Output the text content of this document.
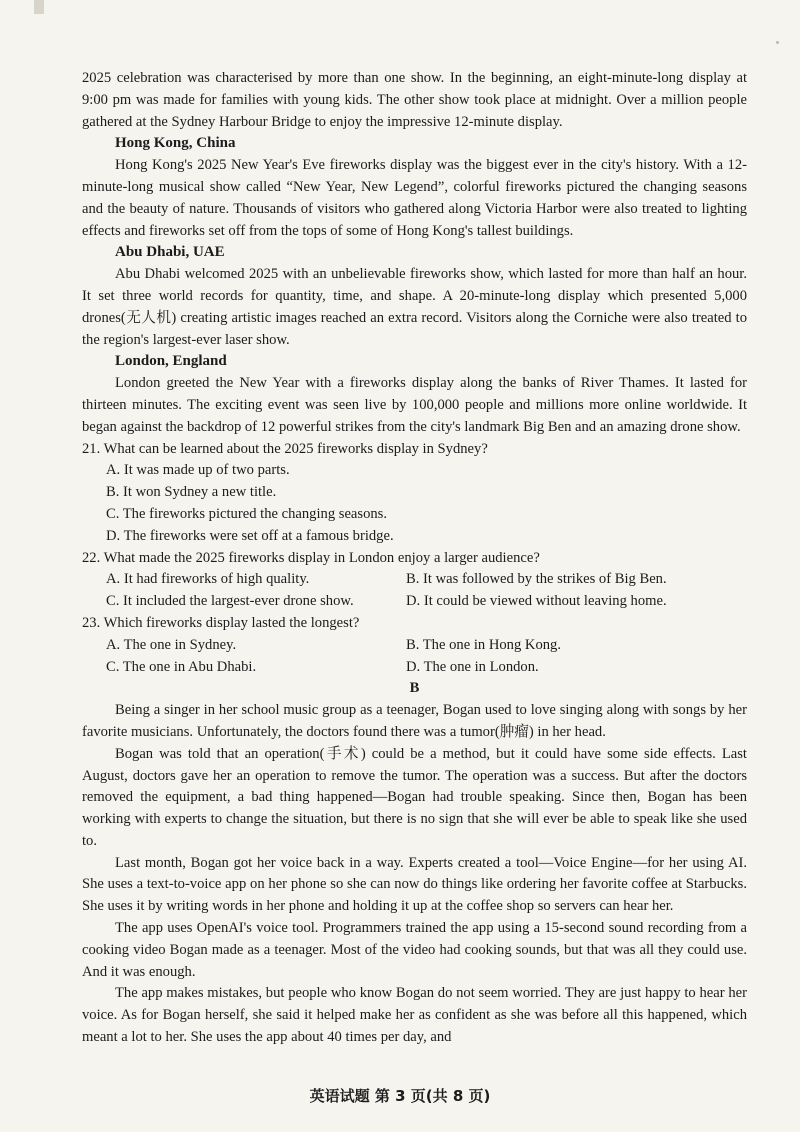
2025 celebration was characterised by more than one show. In the beginning, an eight-minute-long display at 9:00 pm was made for families with young kids. The other show took place at midnight. Over a million people gathered at the Sydney Harbour Bridge to enjoy the impressive 12-minute display.

Hong Kong, China

Hong Kong's 2025 New Year's Eve fireworks display was the biggest ever in the city's history. With a 12-minute-long musical show called “New Year, New Legend”, colorful fireworks pictured the changing seasons and the beauty of nature. Thousands of visitors who gathered along Victoria Harbor were also treated to lighting effects and fireworks set off from the tops of some of Hong Kong's tallest buildings.

Abu Dhabi, UAE

Abu Dhabi welcomed 2025 with an unbelievable fireworks show, which lasted for more than half an hour. It set three world records for quantity, time, and shape. A 20-minute-long display which presented 5,000 drones(无人机) creating artistic images reached an extra record. Visitors along the Corniche were also treated to the region's largest-ever laser show.

London, England

London greeted the New Year with a fireworks display along the banks of River Thames. It lasted for thirteen minutes. The exciting event was seen live by 100,000 people and millions more online worldwide. It began against the backdrop of 12 powerful strikes from the city's landmark Big Ben and an amazing drone show.

21. What can be learned about the 2025 fireworks display in Sydney?

A. It was made up of two parts.

B. It won Sydney a new title.

C. The fireworks pictured the changing seasons.

D. The fireworks were set off at a famous bridge.

22. What made the 2025 fireworks display in London enjoy a larger audience?

A. It had fireworks of high quality.	B. It was followed by the strikes of Big Ben.
C. It included the largest-ever drone show.	D. It could be viewed without leaving home.

23. Which fireworks display lasted the longest?

A. The one in Sydney.	B. The one in Hong Kong.
C. The one in Abu Dhabi.	D. The one in London.

B

Being a singer in her school music group as a teenager, Bogan used to love singing along with songs by her favorite musicians. Unfortunately, the doctors found there was a tumor(肿瘤) in her head.

Bogan was told that an operation(手术) could be a method, but it could have some side effects. Last August, doctors gave her an operation to remove the tumor. The operation was a success. But after the doctors removed the equipment, a bad thing happened—Bogan had trouble speaking. Since then, Bogan has been working with experts to change the situation, but there is no sign that she will ever be able to speak like she used to.

Last month, Bogan got her voice back in a way. Experts created a tool—Voice Engine—for her using AI. She uses a text-to-voice app on her phone so she can now do things like ordering her favorite coffee at Starbucks. She uses it by writing words in her phone and holding it up at the coffee shop so servers can hear her.

The app uses OpenAI's voice tool. Programmers trained the app using a 15-second sound recording from a cooking video Bogan made as a teenager. Most of the video had cooking sounds, but that was all they could use. And it was enough.

The app makes mistakes, but people who know Bogan do not seem worried. They are just happy to hear her voice. As for Bogan herself, she said it helped make her as confident as she was before all this happened, which meant a lot to her. She uses the app about 40 times per day, and

英语试题 第 3 页(共 8 页)
